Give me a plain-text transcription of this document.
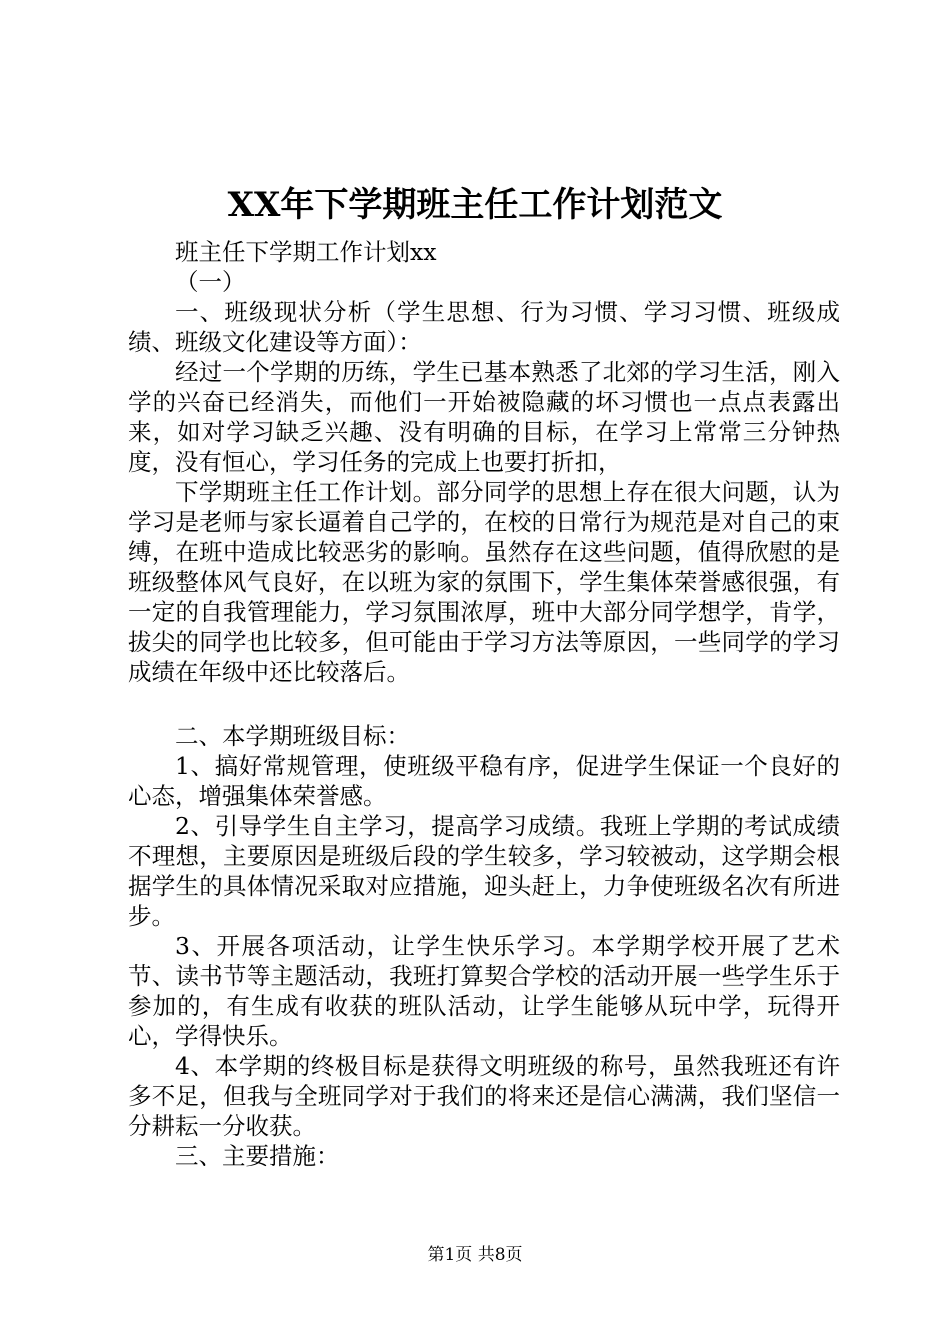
XX年下学期班主任工作计划范文

班主任下学期工作计划xx

（一）

一、班级现状分析（学生思想、行为习惯、学习习惯、班级成绩、班级文化建设等方面）：

经过一个学期的历练，学生已基本熟悉了北郊的学习生活，刚入学的兴奋已经消失，而他们一开始被隐藏的坏习惯也一点点表露出来，如对学习缺乏兴趣、没有明确的目标，在学习上常常三分钟热度，没有恒心，学习任务的完成上也要打折扣，

下学期班主任工作计划。部分同学的思想上存在很大问题，认为学习是老师与家长逼着自己学的，在校的日常行为规范是对自己的束缚，在班中造成比较恶劣的影响。虽然存在这些问题，值得欣慰的是班级整体风气良好，在以班为家的氛围下，学生集体荣誉感很强，有一定的自我管理能力，学习氛围浓厚，班中大部分同学想学，肯学，拔尖的同学也比较多，但可能由于学习方法等原因，一些同学的学习成绩在年级中还比较落后。

二、本学期班级目标：

1、搞好常规管理，使班级平稳有序，促进学生保证一个良好的心态，增强集体荣誉感。

2、引导学生自主学习，提高学习成绩。我班上学期的考试成绩不理想，主要原因是班级后段的学生较多，学习较被动，这学期会根据学生的具体情况采取对应措施，迎头赶上，力争使班级名次有所进步。

3、开展各项活动，让学生快乐学习。本学期学校开展了艺术节、读书节等主题活动，我班打算契合学校的活动开展一些学生乐于参加的，有生成有收获的班队活动，让学生能够从玩中学，玩得开心，学得快乐。

4、本学期的终极目标是获得文明班级的称号，虽然我班还有许多不足，但我与全班同学对于我们的将来还是信心满满，我们坚信一分耕耘一分收获。

三、主要措施：

第1页 共8页
